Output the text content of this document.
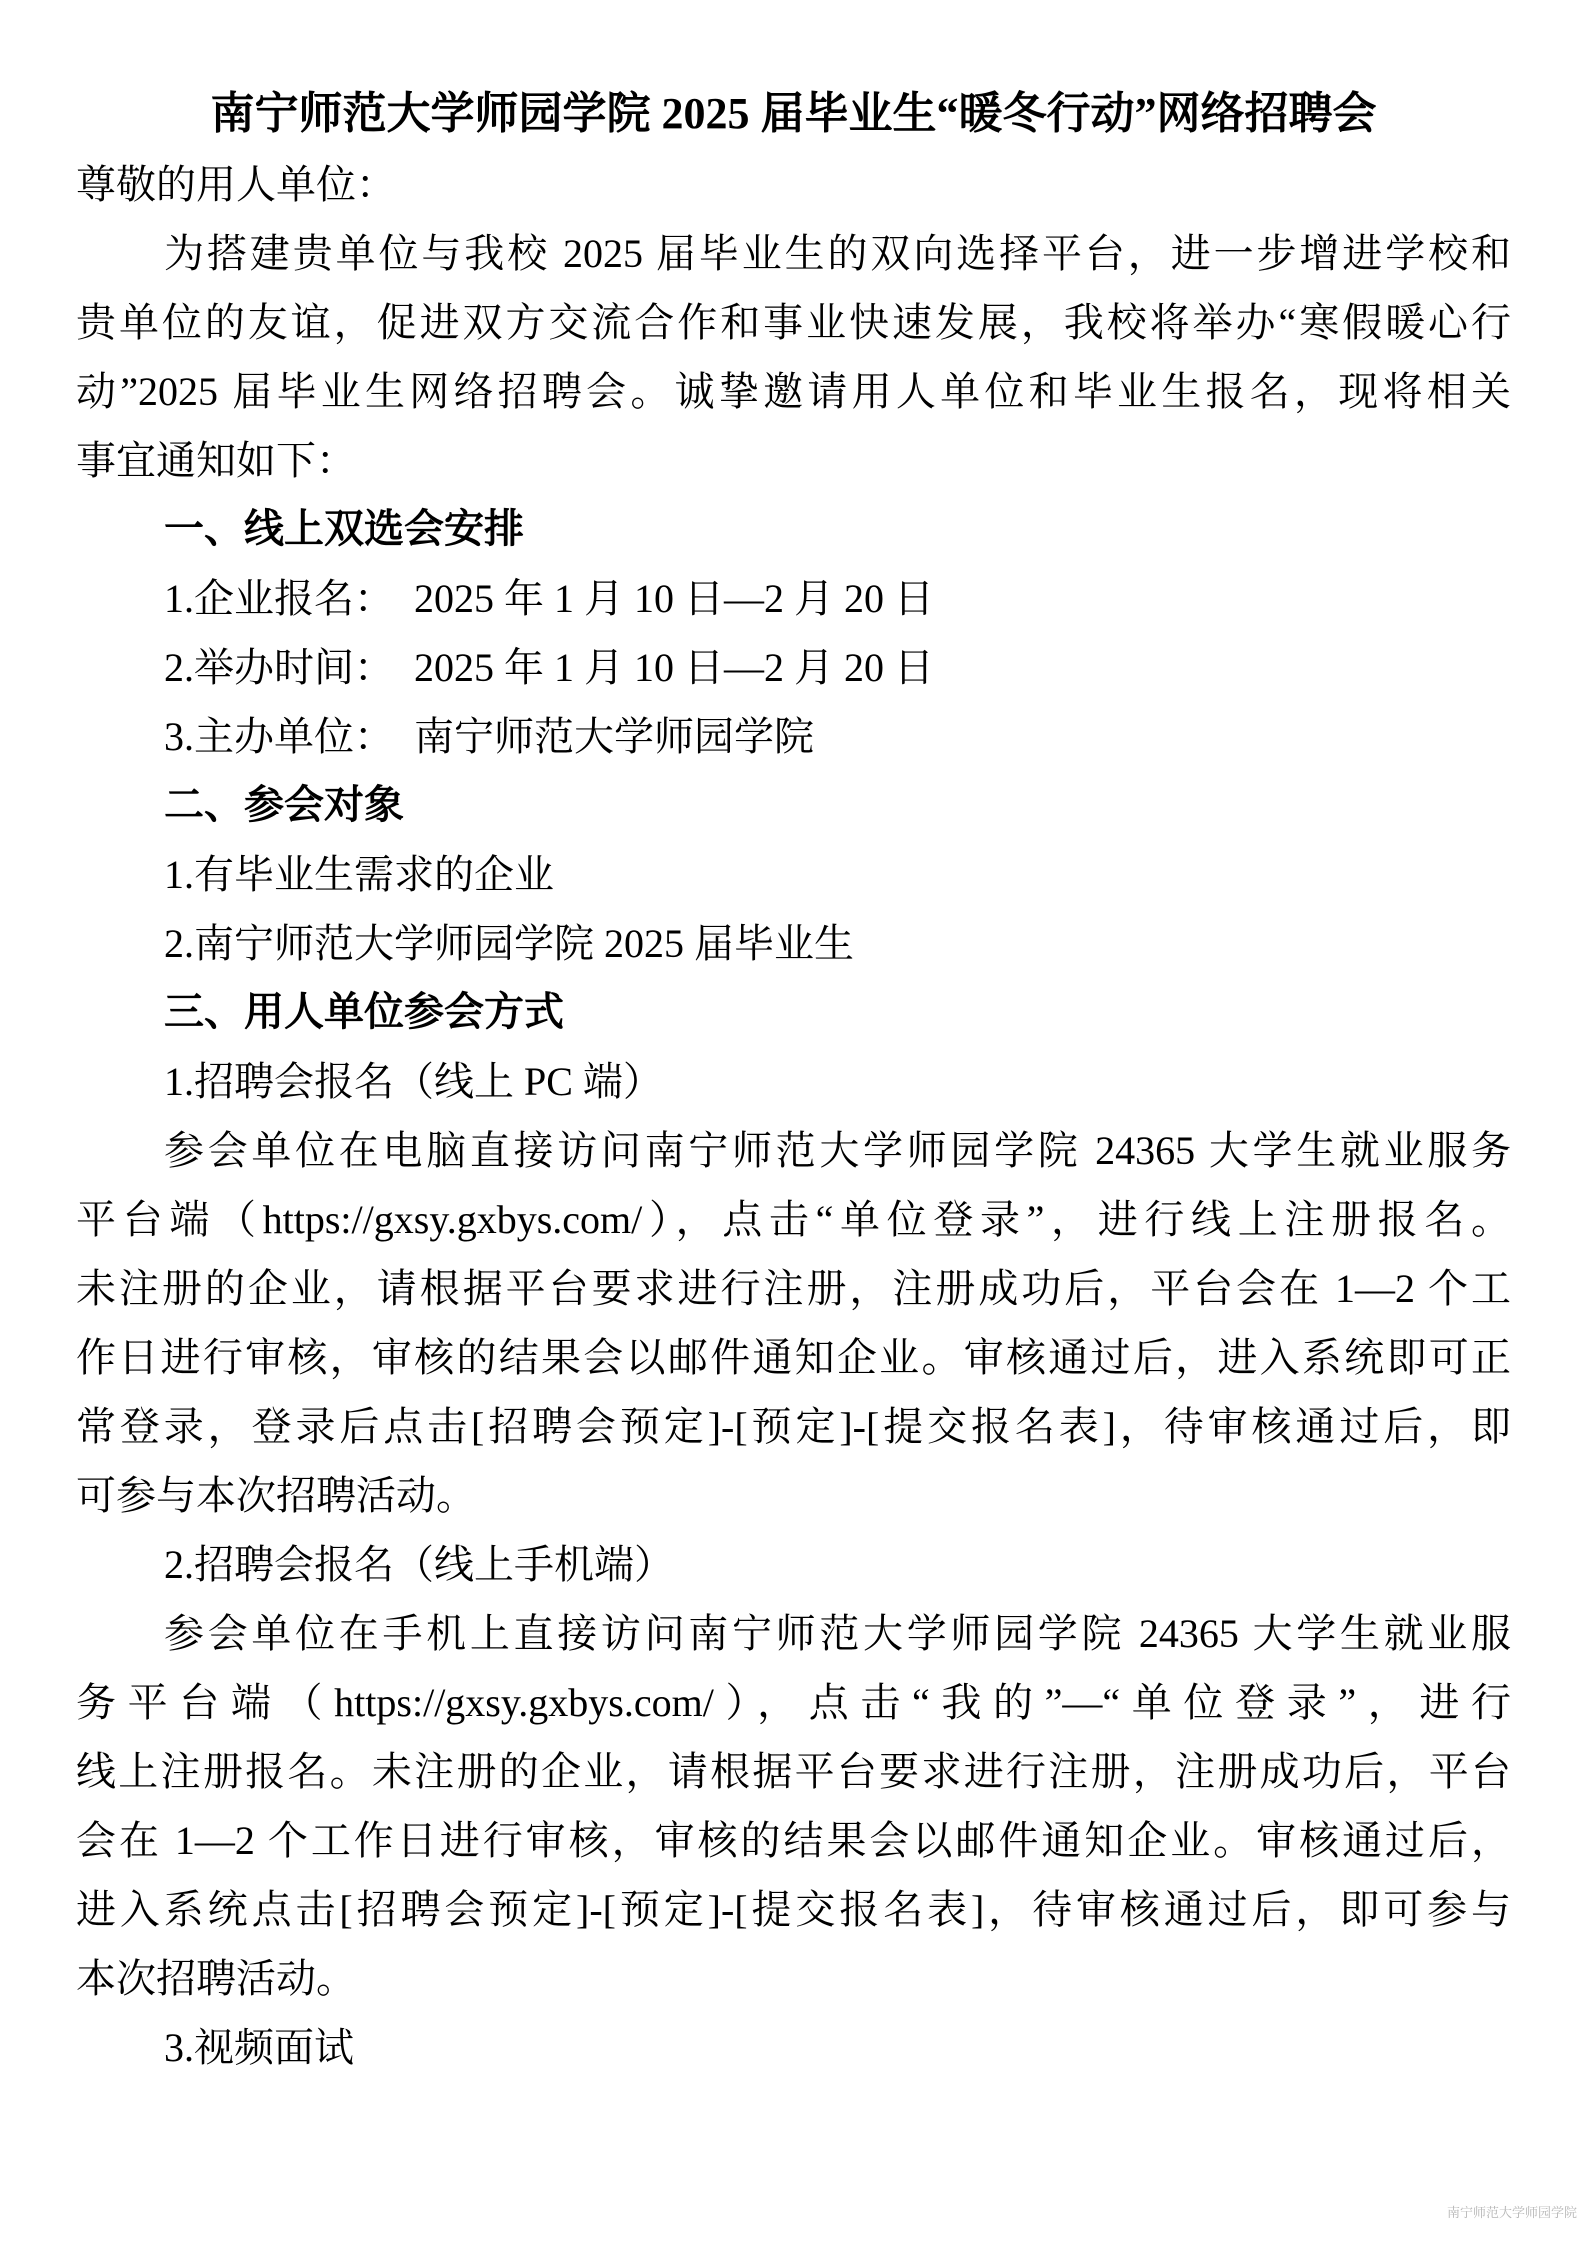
南宁师范大学师园学院 2025 届毕业生“暖冬行动”网络招聘会
尊敬的用人单位：
为搭建贵单位与我校 2025 届毕业生的双向选择平台，进一步增进学校和
贵单位的友谊，促进双方交流合作和事业快速发展，我校将举办“寒假暖心行
动”2025 届毕业生网络招聘会。诚挚邀请用人单位和毕业生报名，现将相关
事宜通知如下：
一、线上双选会安排
1.企业报名：　2025 年 1 月 10 日—2 月 20 日
2.举办时间：　2025 年 1 月 10 日—2 月 20 日
3.主办单位：　南宁师范大学师园学院
二、参会对象
1.有毕业生需求的企业
2.南宁师范大学师园学院 2025 届毕业生
三、用人单位参会方式
1.招聘会报名（线上 PC 端）
参会单位在电脑直接访问南宁师范大学师园学院 24365 大学生就业服务
平台端（https://gxsy.gxbys.com/），点击“单位登录”，进行线上注册报名。
未注册的企业，请根据平台要求进行注册，注册成功后，平台会在 1—2 个工
作日进行审核，审核的结果会以邮件通知企业。审核通过后，进入系统即可正
常登录，登录后点击[招聘会预定]-[预定]-[提交报名表]，待审核通过后，即
可参与本次招聘活动。
2.招聘会报名（线上手机端）
参会单位在手机上直接访问南宁师范大学师园学院 24365 大学生就业服
务平台端（https://gxsy.gxbys.com/），点击“我的”—“单位登录”，进行
线上注册报名。未注册的企业，请根据平台要求进行注册，注册成功后，平台
会在 1—2 个工作日进行审核，审核的结果会以邮件通知企业。审核通过后，
进入系统点击[招聘会预定]-[预定]-[提交报名表]，待审核通过后，即可参与
本次招聘活动。
3.视频面试
南宁师范大学师园学院
